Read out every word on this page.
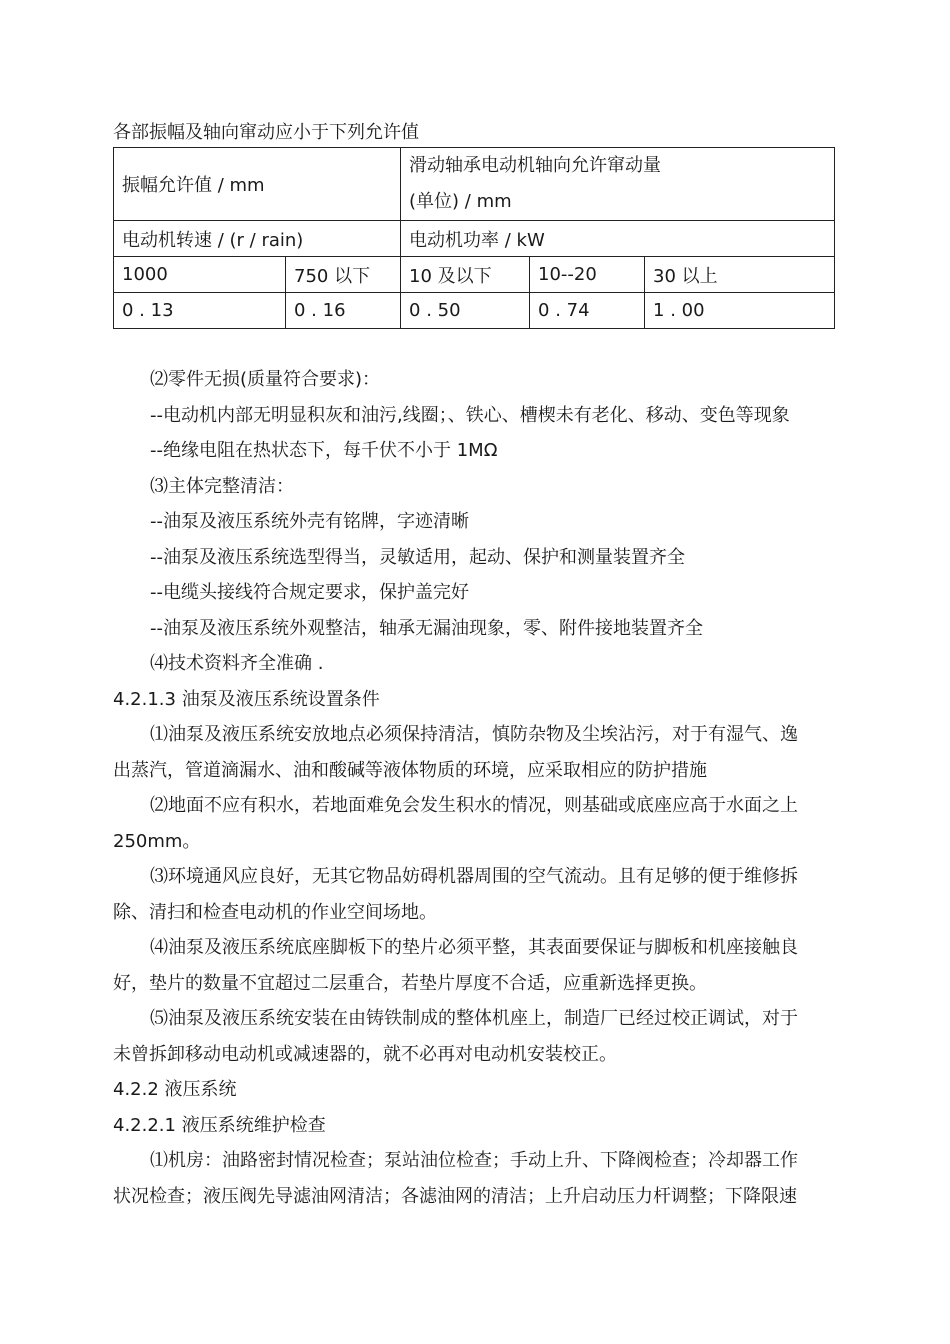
各部振幅及轴向窜动应小于下列允许值
振幅允许值 / mm		滑动轴承电动机轴向允许窜动量
(单位) / mm		

电动机转速 / (r / rain)		电动机功率 / kW		
1000	750 以下	10 及以下	10--20	30 以上
0 . 13	0 . 16	0 . 50	0 . 74	1 . 00
⑵零件无损(质量符合要求)：
--电动机内部无明显积灰和油污,线圈；、铁心、槽楔未有老化、移动、变色等现象
--绝缘电阻在热状态下，每千伏不小于 1MΩ
⑶主体完整清洁：
--油泵及液压系统外壳有铭牌，字迹清晰
--油泵及液压系统选型得当，灵敏适用，起动、保护和测量装置齐全
--电缆头接线符合规定要求，保护盖完好
--油泵及液压系统外观整洁，轴承无漏油现象，零、附件接地装置齐全
⑷技术资料齐全准确 .
4.2.1.3 油泵及液压系统设置条件
⑴油泵及液压系统安放地点必须保持清洁，慎防杂物及尘埃沾污，对于有湿气、逸
出蒸汽，管道滴漏水、油和酸碱等液体物质的环境，应采取相应的防护措施
⑵地面不应有积水，若地面难免会发生积水的情况，则基础或底座应高于水面之上
250mm。
⑶环境通风应良好，无其它物品妨碍机器周围的空气流动。且有足够的便于维修拆
除、清扫和检查电动机的作业空间场地。
⑷油泵及液压系统底座脚板下的垫片必须平整，其表面要保证与脚板和机座接触良
好，垫片的数量不宜超过二层重合，若垫片厚度不合适，应重新选择更换。
⑸油泵及液压系统安装在由铸铁制成的整体机座上，制造厂已经过校正调试，对于
未曾拆卸移动电动机或减速器的，就不必再对电动机安装校正。
4.2.2 液压系统
4.2.2.1 液压系统维护检查
⑴机房：油路密封情况检查；泵站油位检查；手动上升、下降阀检查；冷却器工作
状况检查；液压阀先导滤油网清洁；各滤油网的清洁；上升启动压力杆调整；下降限速
